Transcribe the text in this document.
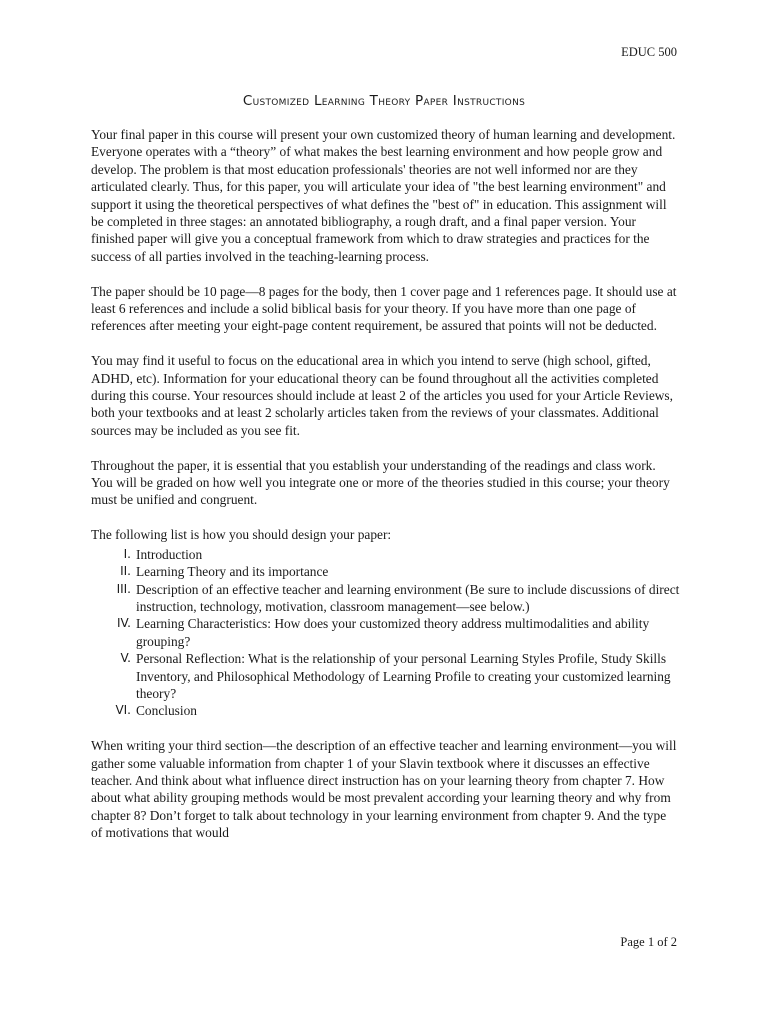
EDUC 500
Customized Learning Theory Paper Instructions

Your final paper in this course will present your own customized theory of human learning and development. Everyone operates with a “theory” of what makes the best learning environment and how people grow and develop. The problem is that most education professionals' theories are not well informed nor are they articulated clearly. Thus, for this paper, you will articulate your idea of "the best learning environment" and support it using the theoretical perspectives of what defines the "best of" in education. This assignment will be completed in three stages: an annotated bibliography, a rough draft, and a final paper version. Your finished paper will give you a conceptual framework from which to draw strategies and practices for the success of all parties involved in the teaching-learning process.

The paper should be 10 page—8 pages for the body, then 1 cover page and 1 references page. It should use at least 6 references and include a solid biblical basis for your theory. If you have more than one page of references after meeting your eight-page content requirement, be assured that points will not be deducted.

You may find it useful to focus on the educational area in which you intend to serve (high school, gifted, ADHD, etc). Information for your educational theory can be found throughout all the activities completed during this course. Your resources should include at least 2 of the articles you used for your Article Reviews, both your textbooks and at least 2 scholarly articles taken from the reviews of your classmates. Additional sources may be included as you see fit.

Throughout the paper, it is essential that you establish your understanding of the readings and class work. You will be graded on how well you integrate one or more of the theories studied in this course; your theory must be unified and congruent.

The following list is how you should design your paper:

I. Introduction
II. Learning Theory and its importance
III. Description of an effective teacher and learning environment (Be sure to include discussions of direct instruction, technology, motivation, classroom management—see below.)
IV. Learning Characteristics: How does your customized theory address multimodalities and ability grouping?
V. Personal Reflection: What is the relationship of your personal Learning Styles Profile, Study Skills Inventory, and Philosophical Methodology of Learning Profile to creating your customized learning theory?
VI. Conclusion

When writing your third section—the description of an effective teacher and learning environment—you will gather some valuable information from chapter 1 of your Slavin textbook where it discusses an effective teacher. And think about what influence direct instruction has on your learning theory from chapter 7. How about what ability grouping methods would be most prevalent according your learning theory and why from chapter 8? Don’t forget to talk about technology in your learning environment from chapter 9. And the type of motivations that would

Page 1 of 2
